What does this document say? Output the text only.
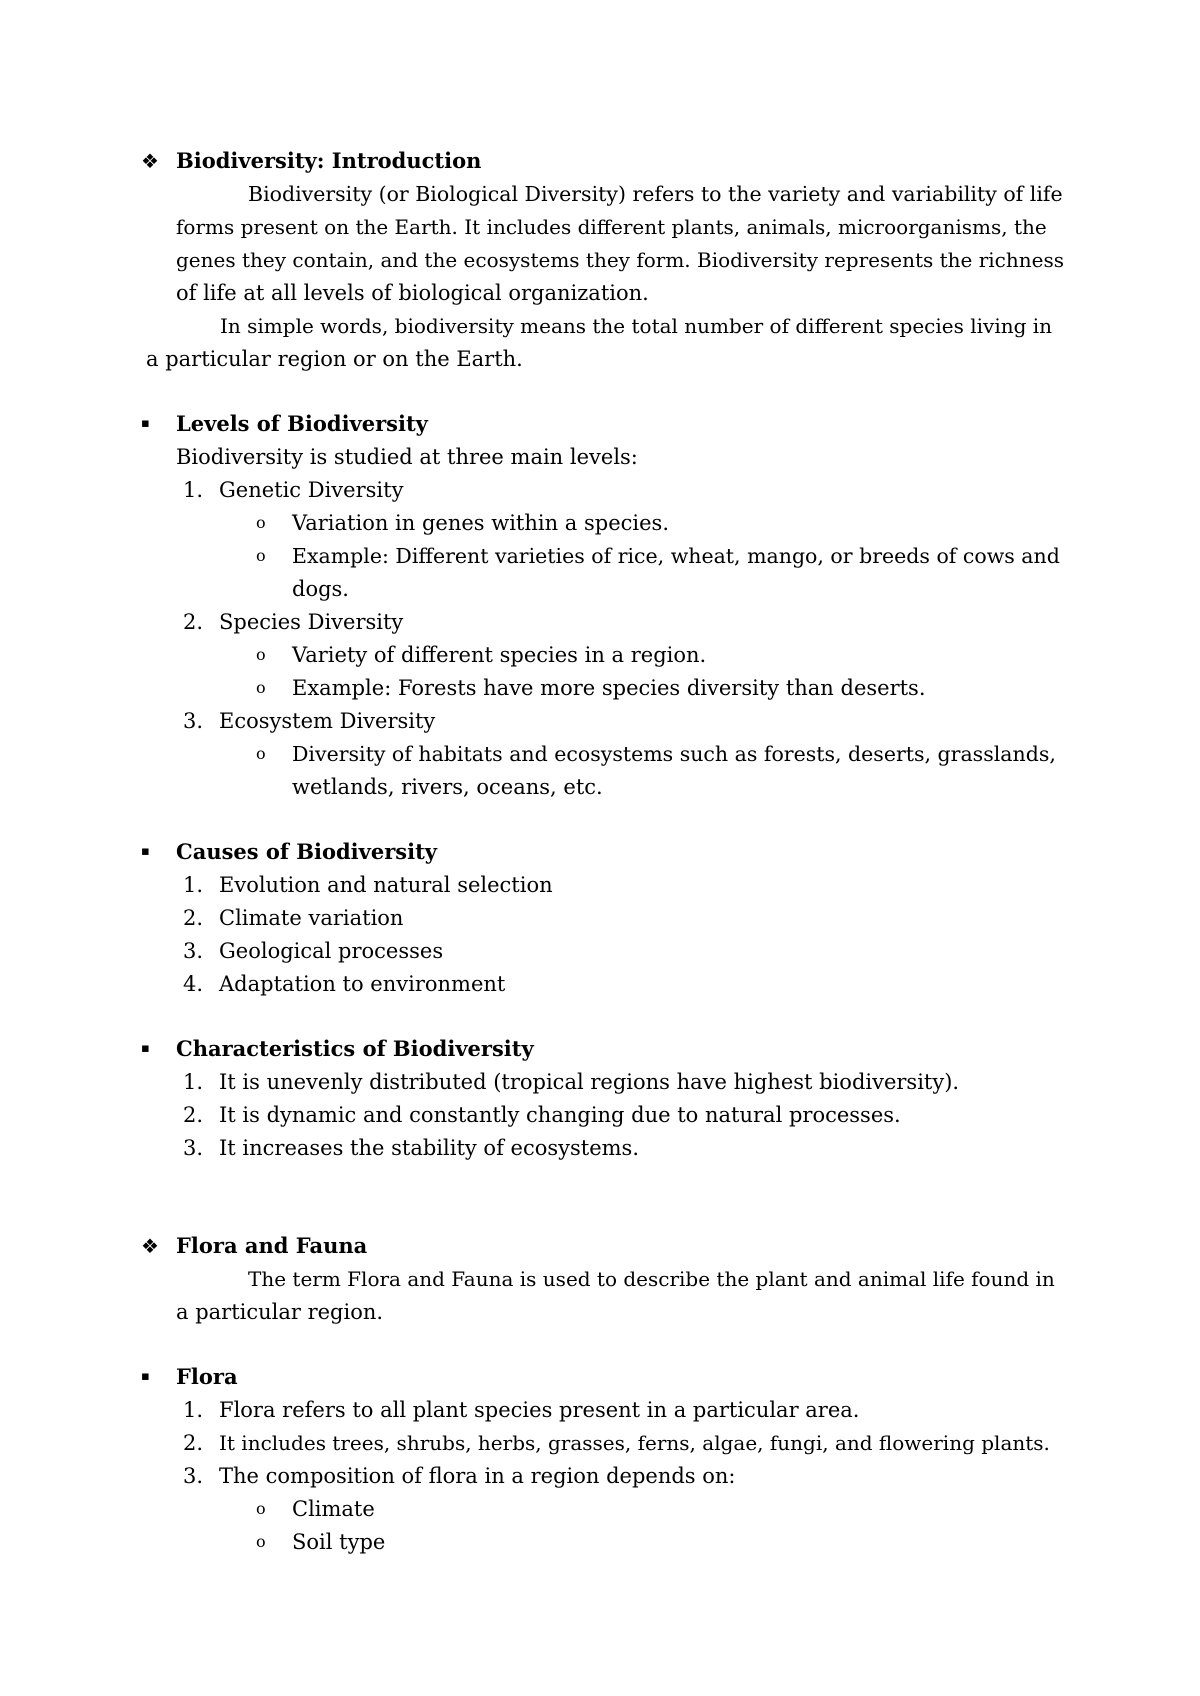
❖ Biodiversity: Introduction
Biodiversity (or Biological Diversity) refers to the variety and variability of life
forms present on the Earth. It includes different plants, animals, microorganisms, the
genes they contain, and the ecosystems they form. Biodiversity represents the richness
of life at all levels of biological organization.
In simple words, biodiversity means the total number of different species living in
a particular region or on the Earth.
▪ Levels of Biodiversity
Biodiversity is studied at three main levels:
1. Genetic Diversity
o Variation in genes within a species.
o Example: Different varieties of rice, wheat, mango, or breeds of cows and
dogs.
2. Species Diversity
o Variety of different species in a region.
o Example: Forests have more species diversity than deserts.
3. Ecosystem Diversity
o Diversity of habitats and ecosystems such as forests, deserts, grasslands,
wetlands, rivers, oceans, etc.
▪ Causes of Biodiversity
1. Evolution and natural selection
2. Climate variation
3. Geological processes
4. Adaptation to environment
▪ Characteristics of Biodiversity
1. It is unevenly distributed (tropical regions have highest biodiversity).
2. It is dynamic and constantly changing due to natural processes.
3. It increases the stability of ecosystems.
❖ Flora and Fauna
The term Flora and Fauna is used to describe the plant and animal life found in
a particular region.
▪ Flora
1. Flora refers to all plant species present in a particular area.
2. It includes trees, shrubs, herbs, grasses, ferns, algae, fungi, and flowering plants.
3. The composition of flora in a region depends on:
o Climate
o Soil type
